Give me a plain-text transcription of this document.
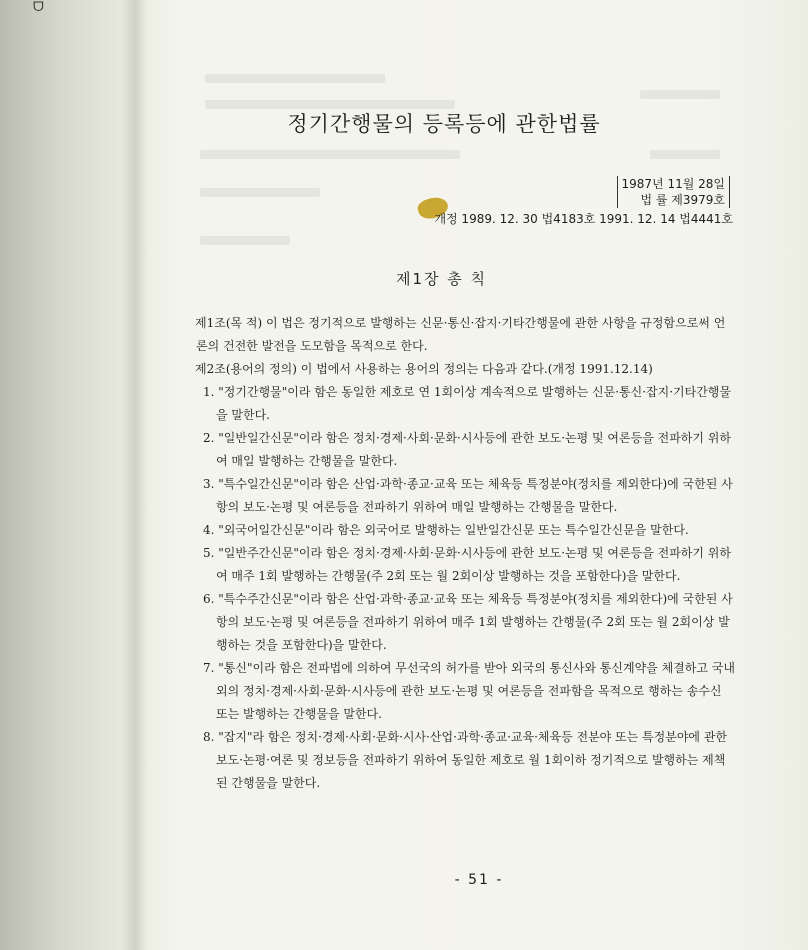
ᗜ
정기간행물의 등록등에 관한법률
1987년 11월 28일
법 률 제3979호
개정 1989. 12. 30 법4183호 1991. 12. 14 법4441호
제1장 총 칙
제1조(목 적) 이 법은 정기적으로 발행하는 신문·통신·잡지·기타간행물에 관한 사항을 규정함으로써 언론의 건전한 발전을 도모함을 목적으로 한다.
제2조(용어의 정의) 이 법에서 사용하는 용어의 정의는 다음과 같다.(개정 1991.12.14)
1. "정기간행물"이라 함은 동일한 제호로 연 1회이상 계속적으로 발행하는 신문·통신·잡지·기타간행물을 말한다.
2. "일반일간신문"이라 함은 정치·경제·사회·문화·시사등에 관한 보도·논평 및 여론등을 전파하기 위하여 매일 발행하는 간행물을 말한다.
3. "특수일간신문"이라 함은 산업·과학·종교·교육 또는 체육등 특정분야(정치를 제외한다)에 국한된 사항의 보도·논평 및 여론등을 전파하기 위하여 매일 발행하는 간행물을 말한다.
4. "외국어일간신문"이라 함은 외국어로 발행하는 일반일간신문 또는 특수일간신문을 말한다.
5. "일반주간신문"이라 함은 정치·경제·사회·문화·시사등에 관한 보도·논평 및 여론등을 전파하기 위하여 매주 1회 발행하는 간행물(주 2회 또는 월 2회이상 발행하는 것을 포함한다)을 말한다.
6. "특수주간신문"이라 함은 산업·과학·종교·교육 또는 체육등 특정분야(정치를 제외한다)에 국한된 사항의 보도·논평 및 여론등을 전파하기 위하여 매주 1회 발행하는 간행물(주 2회 또는 월 2회이상 발행하는 것을 포함한다)을 말한다.
7. "통신"이라 함은 전파법에 의하여 무선국의 허가를 받아 외국의 통신사와 통신계약을 체결하고 국내외의 정치·경제·사회·문화·시사등에 관한 보도·논평 및 여론등을 전파함을 목적으로 행하는 송수신 또는 발행하는 간행물을 말한다.
8. "잡지"라 함은 정치·경제·사회·문화·시사·산업·과학·종교·교육·체육등 전분야 또는 특정분야에 관한 보도·논평·여론 및 정보등을 전파하기 위하여 동일한 제호로 월 1회이하 정기적으로 발행하는 제책된 간행물을 말한다.
- 51 -
